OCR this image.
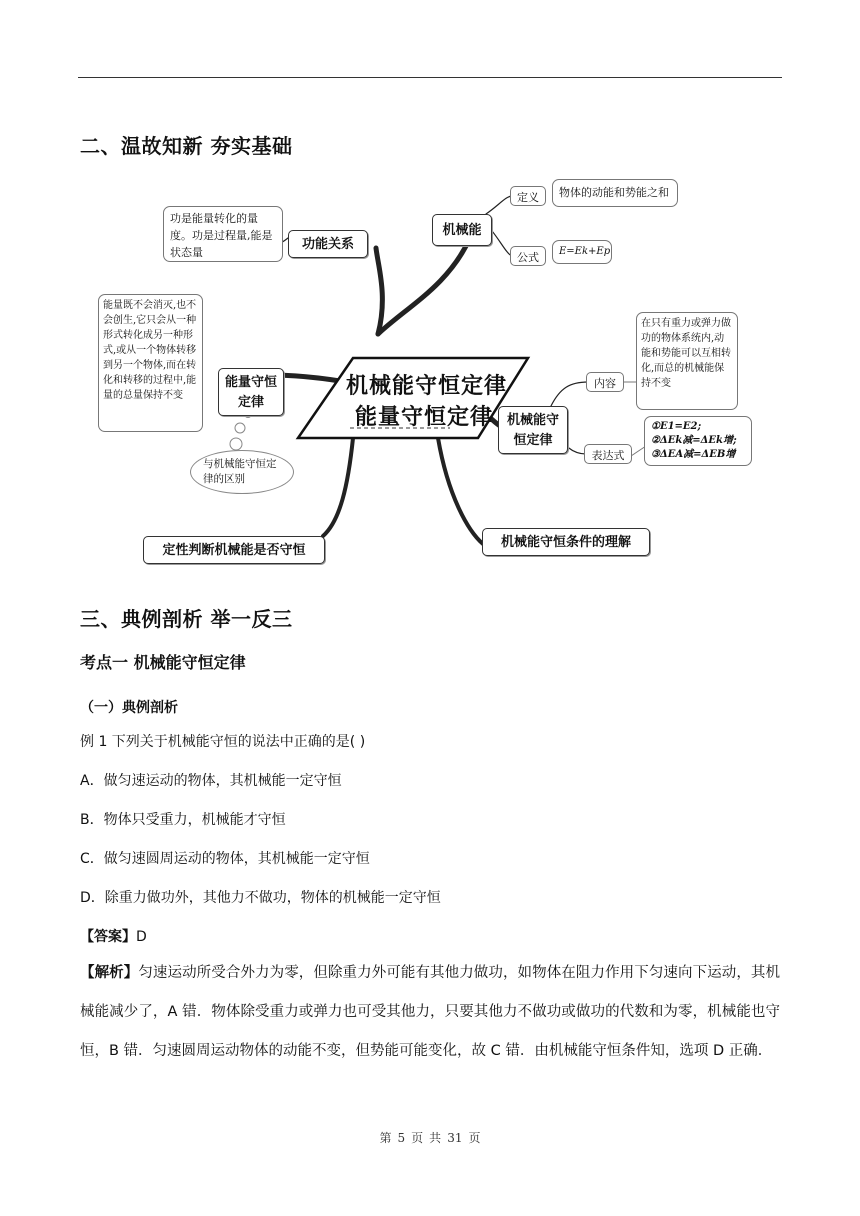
二、温故知新 夯实基础
机械能守恒定律
能量守恒定律
功是能量转化的量度。功是过程量,能是状态量
功能关系
机械能
定义	物体的动能和势能之和
公式	E=Ek+Ep
能量既不会消灭,也不会创生,它只会从一种形式转化成另一种形式,或从一个物体转移到另一个物体,而在转化和转移的过程中,能量的总量保持不变
能量守恒定律
与机械能守恒定律的区别
机械能守恒定律
内容
在只有重力或弹力做功的物体系统内,动能和势能可以互相转化,而总的机械能保持不变
表达式
①E1=E2;
②ΔEk减=ΔEk增;
③ΔEA减=ΔEB增
定性判断机械能是否守恒
机械能守恒条件的理解
三、典例剖析 举一反三
考点一 机械能守恒定律
（一）典例剖析
例 1 下列关于机械能守恒的说法中正确的是( )
A．做匀速运动的物体，其机械能一定守恒
B．物体只受重力，机械能才守恒
C．做匀速圆周运动的物体，其机械能一定守恒
D．除重力做功外，其他力不做功，物体的机械能一定守恒
【答案】D
【解析】匀速运动所受合外力为零，但除重力外可能有其他力做功，如物体在阻力作用下匀速向下运动，其机械能减少了，A 错．物体除受重力或弹力也可受其他力，只要其他力不做功或做功的代数和为零，机械能也守恒，B 错．匀速圆周运动物体的动能不变，但势能可能变化，故 C 错．由机械能守恒条件知，选项 D 正确．
第 5 页 共 31 页
